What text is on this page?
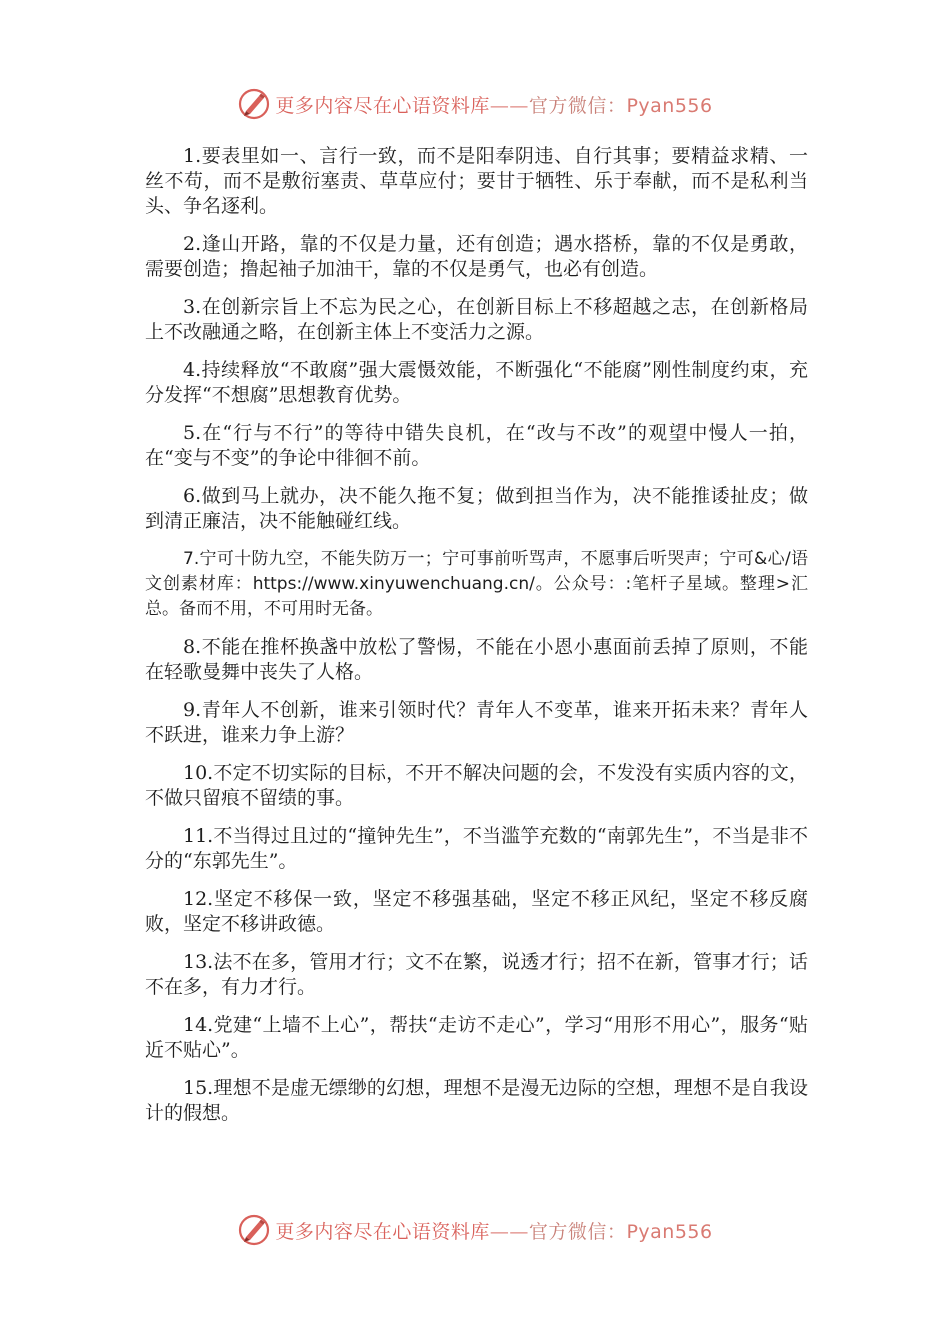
更多内容尽在心语资料库——官方微信：Pyan556

1.要表里如一、言行一致，而不是阳奉阴违、自行其事；要精益求精、一丝不苟，而不是敷衍塞责、草草应付；要甘于牺牲、乐于奉献，而不是私利当头、争名逐利。

2.逢山开路，靠的不仅是力量，还有创造；遇水搭桥，靠的不仅是勇敢，需要创造；撸起袖子加油干，靠的不仅是勇气，也必有创造。

3.在创新宗旨上不忘为民之心，在创新目标上不移超越之志，在创新格局上不改融通之略，在创新主体上不变活力之源。

4.持续释放“不敢腐”强大震慑效能，不断强化“不能腐”刚性制度约束，充分发挥“不想腐”思想教育优势。

5.在“行与不行”的等待中错失良机，在“改与不改”的观望中慢人一拍，在“变与不变”的争论中徘徊不前。

6.做到马上就办，决不能久拖不复；做到担当作为，决不能推诿扯皮；做到清正廉洁，决不能触碰红线。

7.宁可十防九空，不能失防万一；宁可事前听骂声，不愿事后听哭声；宁可&心/语文创素材库：https://www.xinyuwenchuang.cn/。公众号：:笔杆子星域。整理>汇总。备而不用，不可用时无备。

8.不能在推杯换盏中放松了警惕，不能在小恩小惠面前丢掉了原则，不能在轻歌曼舞中丧失了人格。

9.青年人不创新，谁来引领时代？青年人不变革，谁来开拓未来？青年人不跃进，谁来力争上游？

10.不定不切实际的目标，不开不解决问题的会，不发没有实质内容的文，不做只留痕不留绩的事。

11.不当得过且过的“撞钟先生”，不当滥竽充数的“南郭先生”，不当是非不分的“东郭先生”。

12.坚定不移保一致，坚定不移强基础，坚定不移正风纪，坚定不移反腐败，坚定不移讲政德。

13.法不在多，管用才行；文不在繁，说透才行；招不在新，管事才行；话不在多，有力才行。

14.党建“上墙不上心”，帮扶“走访不走心”，学习“用形不用心”，服务“贴近不贴心”。

15.理想不是虚无缥缈的幻想，理想不是漫无边际的空想，理想不是自我设计的假想。

更多内容尽在心语资料库——官方微信：Pyan556
